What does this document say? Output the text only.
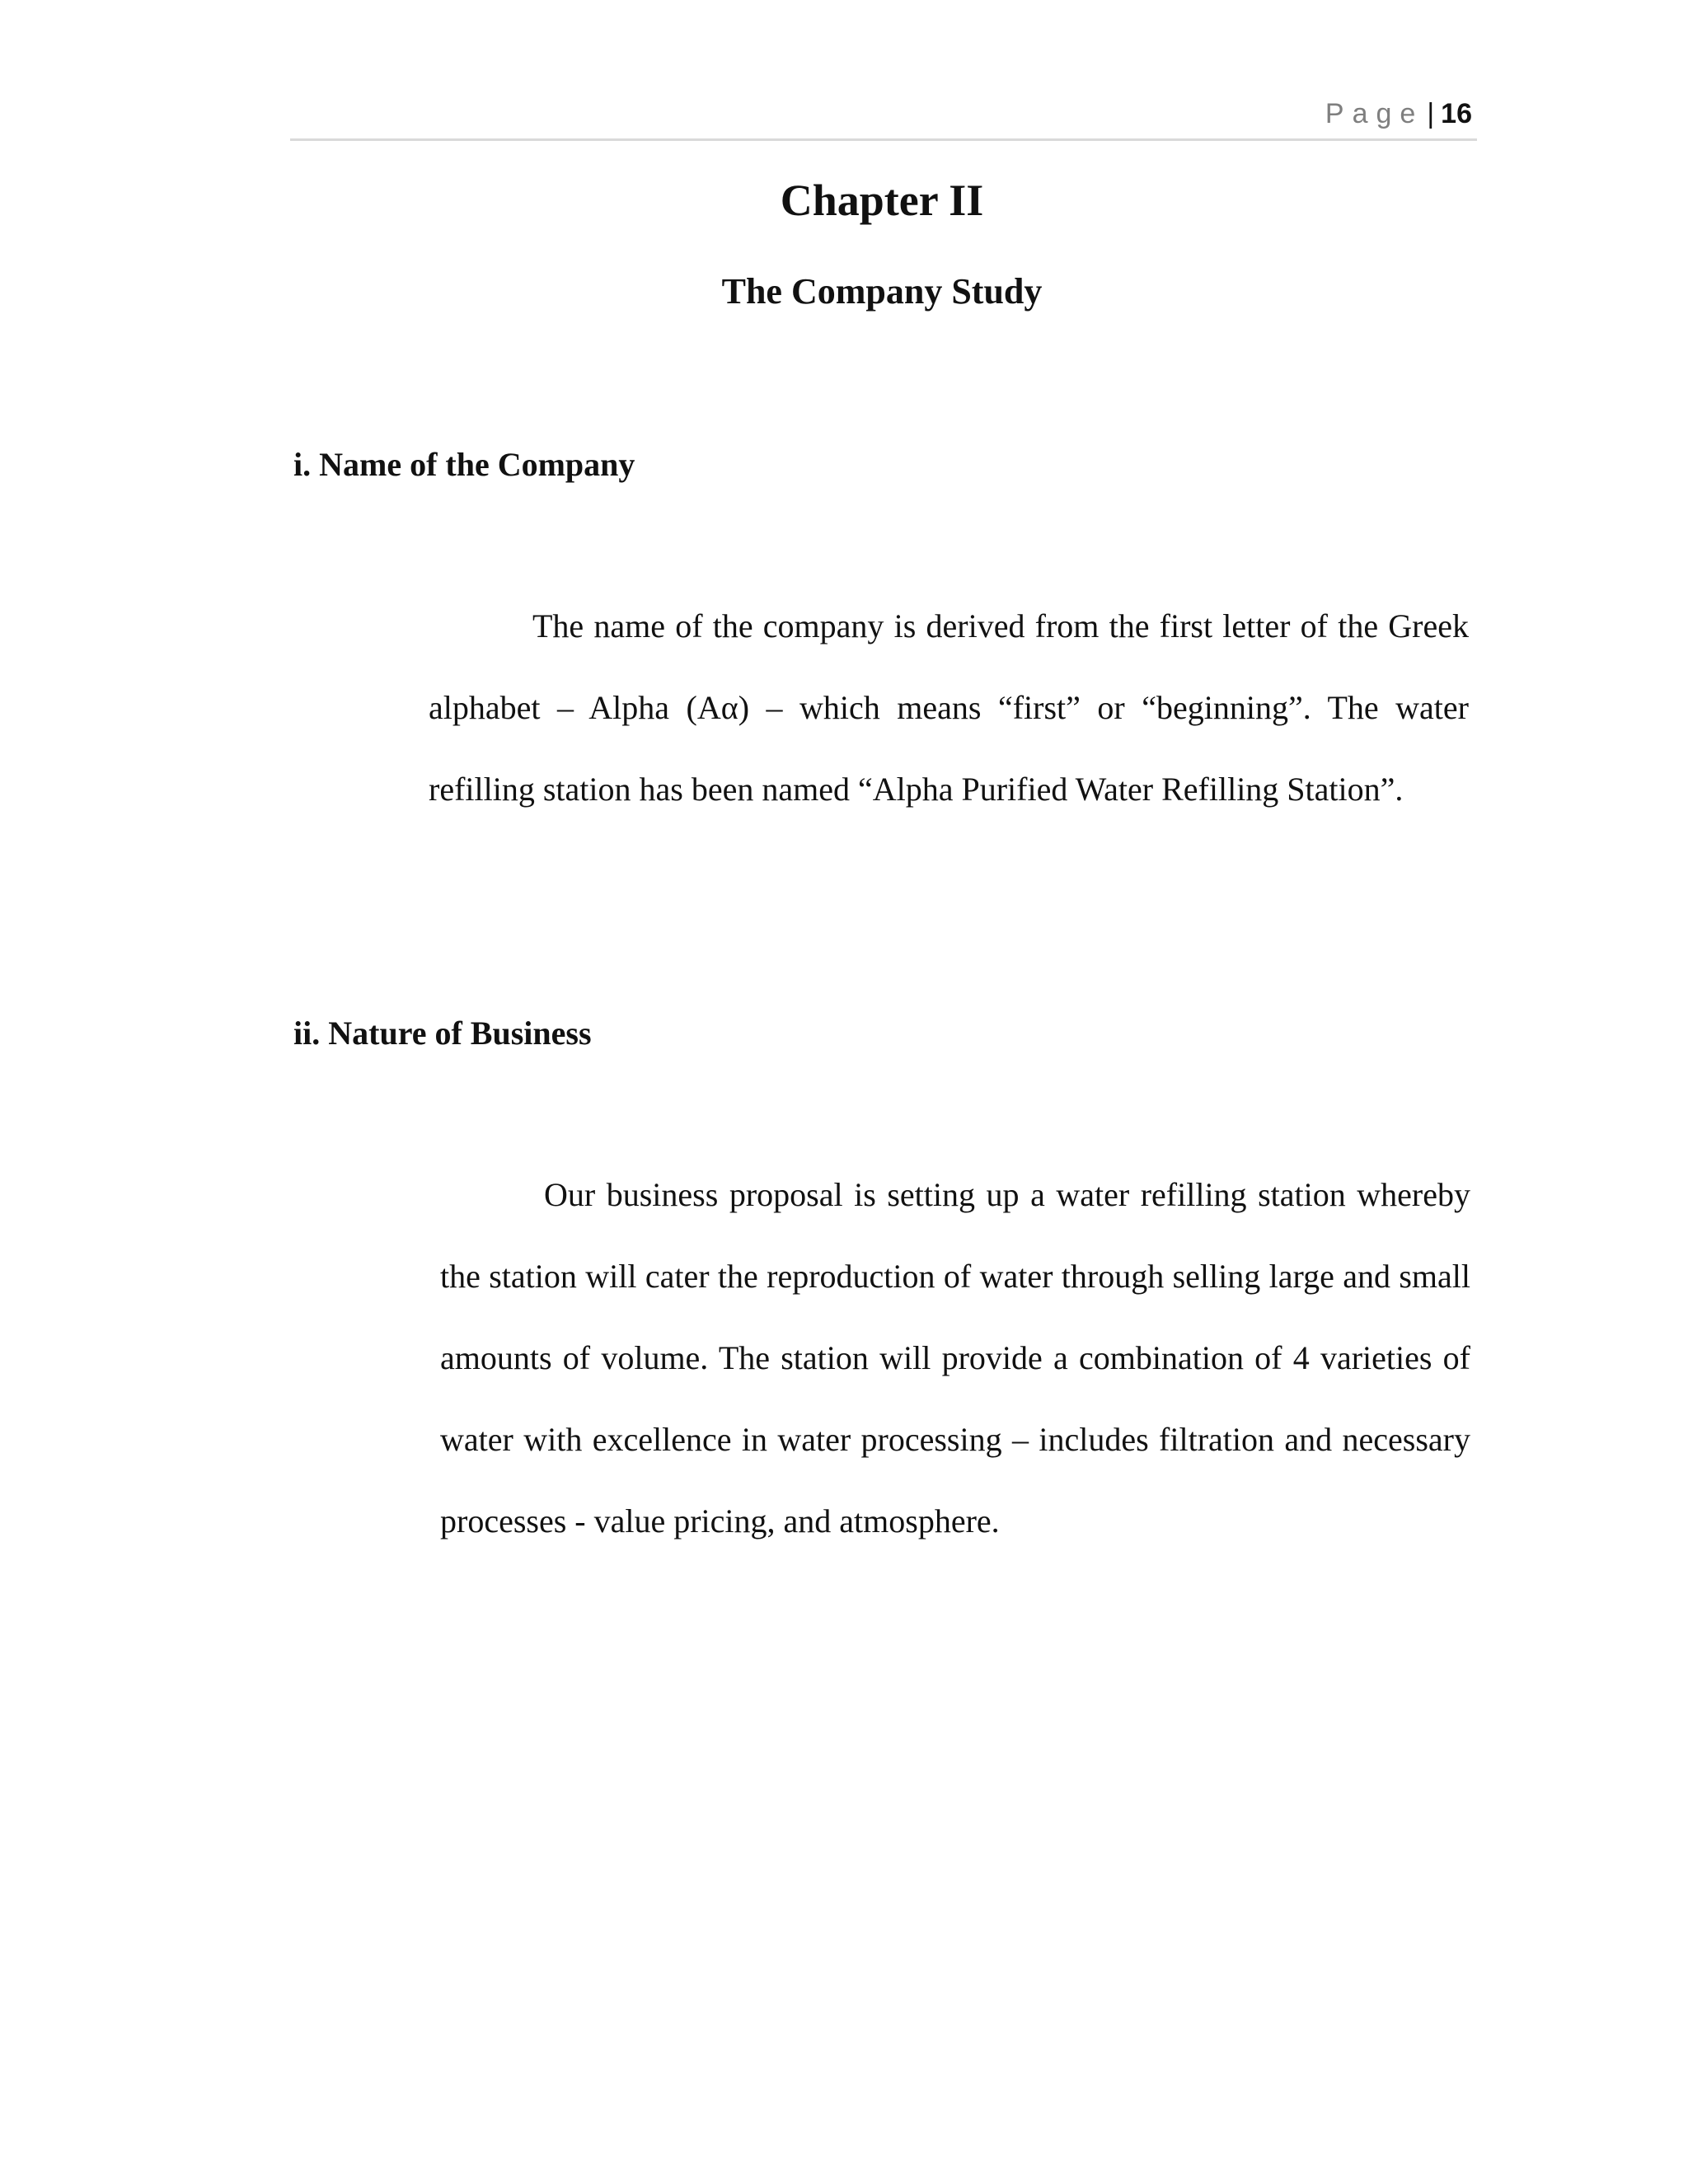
Page | 16
Chapter II
The Company Study
i. Name of the Company

The name of the company is derived from the first letter of the Greek alphabet – Alpha (Aα) – which means “first” or “beginning”. The water refilling station has been named “Alpha Purified Water Refilling Station”.

ii. Nature of Business

Our business proposal is setting up a water refilling station whereby the station will cater the reproduction of water through selling large and small amounts of volume. The station will provide a combination of 4 varieties of water with excellence in water processing – includes filtration and necessary processes - value pricing, and atmosphere.
